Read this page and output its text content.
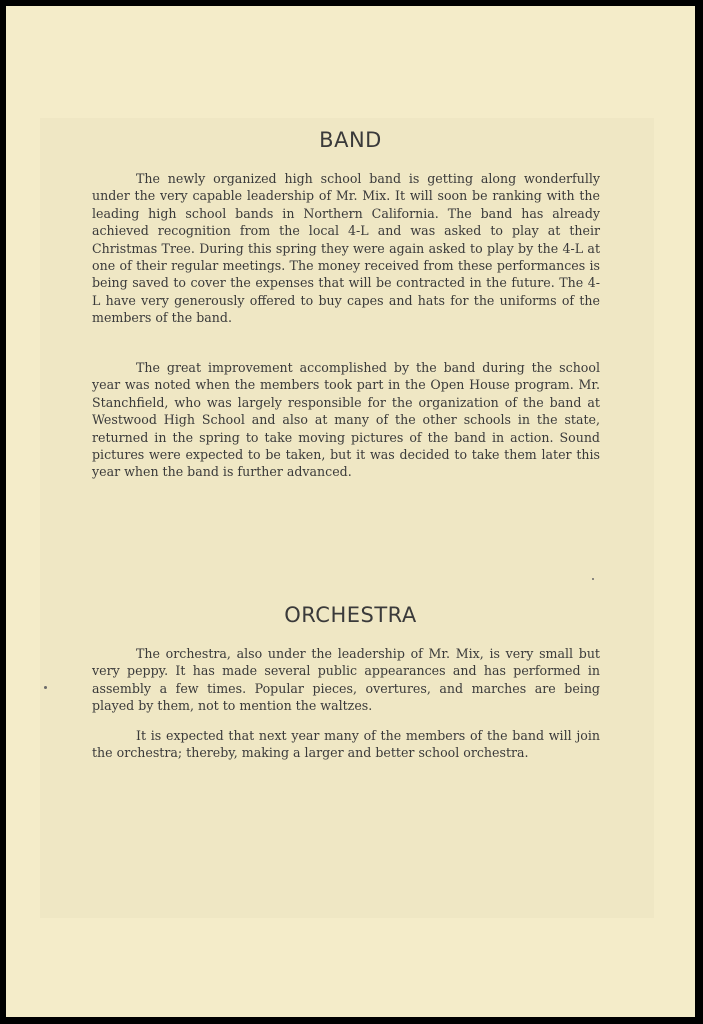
BAND

The newly organized high school band is getting along wonderfully under the very capable leadership of Mr. Mix. It will soon be ranking with the leading high school bands in Northern California. The band has already achieved recognition from the local 4-L and was asked to play at their Christmas Tree. During this spring they were again asked to play by the 4-L at one of their regular meetings. The money received from these performances is being saved to cover the expenses that will be contracted in the future. The 4-L have very generously offered to buy capes and hats for the uniforms of the members of the band.

The great improvement accomplished by the band during the school year was noted when the members took part in the Open House program. Mr. Stanchfield, who was largely responsible for the organization of the band at Westwood High School and also at many of the other schools in the state, returned in the spring to take moving pictures of the band in action. Sound pictures were expected to be taken, but it was decided to take them later this year when the band is further advanced.

ORCHESTRA

The orchestra, also under the leadership of Mr. Mix, is very small but very peppy. It has made several public appearances and has performed in assembly a few times. Popular pieces, overtures, and marches are being played by them, not to mention the waltzes.

It is expected that next year many of the members of the band will join the orchestra; thereby, making a larger and better school orchestra.
